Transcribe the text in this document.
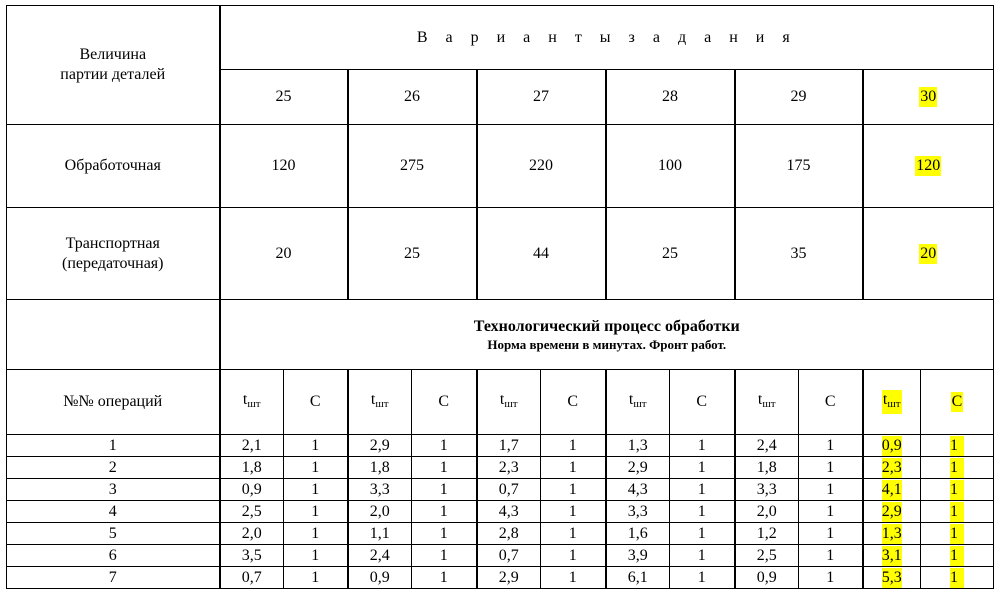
Величина
партии деталей	В а р и а н т ы з а д а н и я											
	25		26		27		28		29		30	
Обработочная	120		275		220		100		175		120	
Транспортная
(передаточная)	20		25		44		25		35		20	

	Технологический процесс обработки
Норма времени в минутах. Фронт работ.											

№№ операций	$t_{шт}$	С	$t_{шт}$	С	$t_{шт}$	С	$t_{шт}$	С	$t_{шт}$	С	$t_{шт}$	С
1	2,1	1	2,9	1	1,7	1	1,3	1	2,4	1	0,9	1
2	1,8	1	1,8	1	2,3	1	2,9	1	1,8	1	2,3	1
3	0,9	1	3,3	1	0,7	1	4,3	1	3,3	1	4,1	1
4	2,5	1	2,0	1	4,3	1	3,3	1	2,0	1	2,9	1
5	2,0	1	1,1	1	2,8	1	1,6	1	1,2	1	1,3	1
6	3,5	1	2,4	1	0,7	1	3,9	1	2,5	1	3,1	1
7	0,7	1	0,9	1	2,9	1	6,1	1	0,9	1	5,3	1
